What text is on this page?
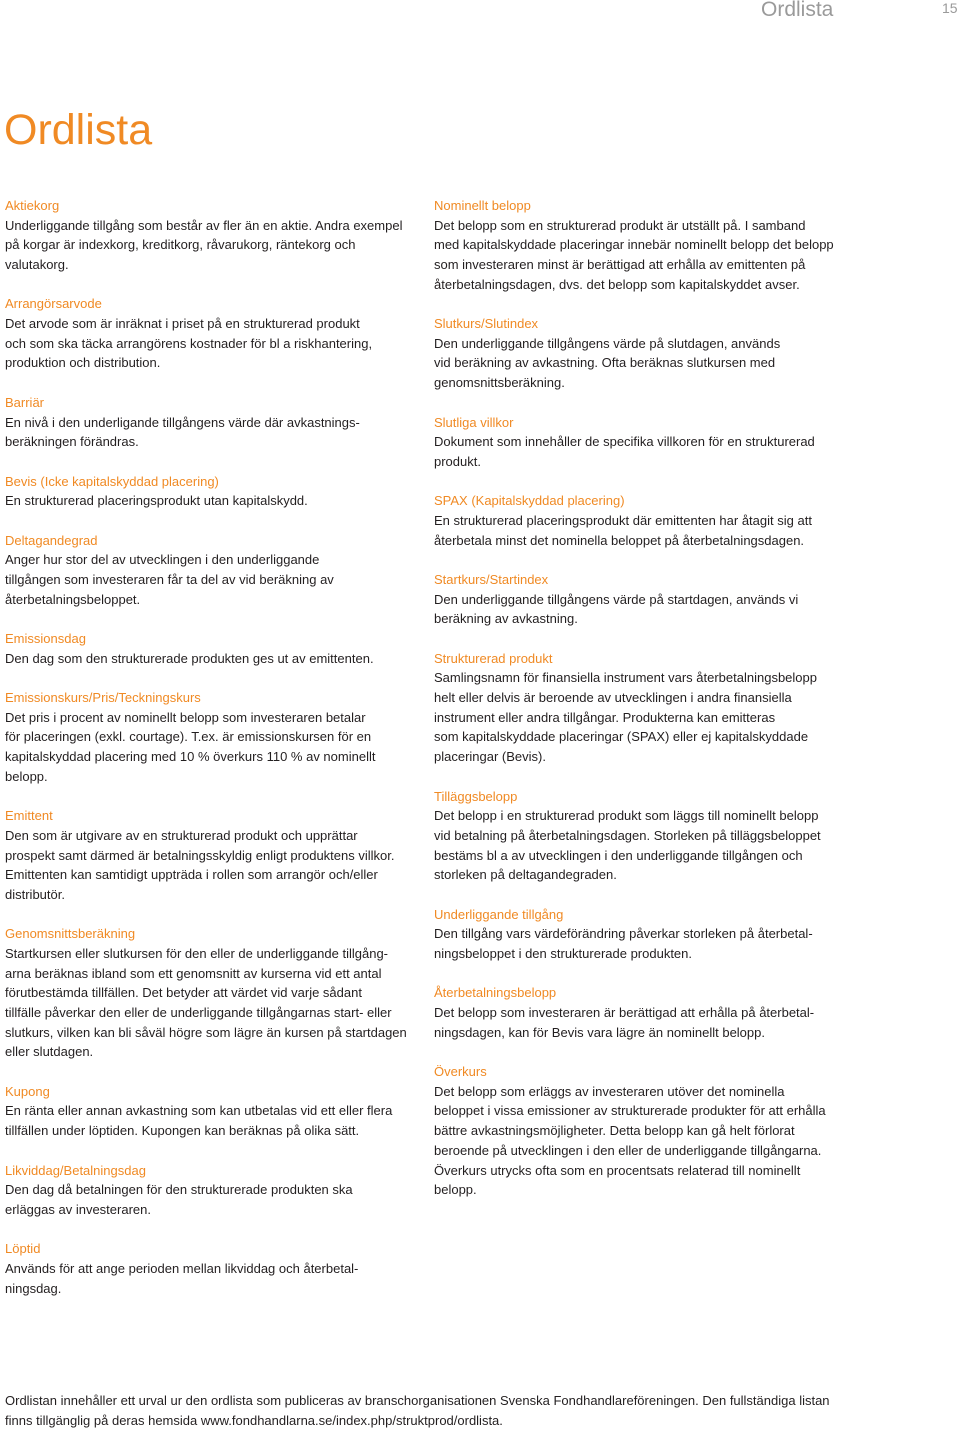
Ordlista	15
Ordlista
Aktiekorg
Underliggande tillgång som består av fler än en aktie. Andra exempel
på korgar är indexkorg, kreditkorg, råvarukorg, räntekorg och
valutakorg.
Arrangörsarvode
Det arvode som är inräknat i priset på en strukturerad produkt
och som ska täcka arrangörens kostnader för bl a riskhantering,
produktion och distribution.
Barriär
En nivå i den underligande tillgångens värde där avkastnings-
beräkningen förändras.
Bevis (Icke kapitalskyddad placering)
En strukturerad placeringsprodukt utan kapitalskydd.
Deltagandegrad
Anger hur stor del av utvecklingen i den underliggande
tillgången som investeraren får ta del av vid beräkning av
återbetalningsbeloppet.
Emissionsdag
Den dag som den strukturerade produkten ges ut av emittenten.
Emissionskurs/Pris/Teckningskurs
Det pris i procent av nominellt belopp som investeraren betalar
för placeringen (exkl. courtage). T.ex. är emissionskursen för en
kapitalskyddad placering med 10 % överkurs 110 % av nominellt
belopp.
Emittent
Den som är utgivare av en strukturerad produkt och upprättar
prospekt samt därmed är betalningsskyldig enligt produktens villkor.
Emittenten kan samtidigt uppträda i rollen som arrangör och/eller
distributör.
Genomsnittsberäkning
Startkursen eller slutkursen för den eller de underliggande tillgång-
arna beräknas ibland som ett genomsnitt av kurserna vid ett antal
förutbestämda tillfällen. Det betyder att värdet vid varje sådant
tillfälle påverkar den eller de underliggande tillgångarnas start- eller
slutkurs, vilken kan bli såväl högre som lägre än kursen på startdagen
eller slutdagen.
Kupong
En ränta eller annan avkastning som kan utbetalas vid ett eller flera
tillfällen under löptiden. Kupongen kan beräknas på olika sätt.
Likviddag/Betalningsdag
Den dag då betalningen för den strukturerade produkten ska
erläggas av investeraren.
Löptid
Används för att ange perioden mellan likviddag och återbetal-
ningsdag.
Nominellt belopp
Det belopp som en strukturerad produkt är utställt på. I samband
med kapitalskyddade placeringar innebär nominellt belopp det belopp
som investeraren minst är berättigad att erhålla av emittenten på
återbetalningsdagen, dvs. det belopp som kapitalskyddet avser.
Slutkurs/Slutindex
Den underliggande tillgångens värde på slutdagen, används
vid beräkning av avkastning. Ofta beräknas slutkursen med
genomsnittsberäkning.
Slutliga villkor
Dokument som innehåller de specifika villkoren för en strukturerad
produkt.
SPAX (Kapitalskyddad placering)
En strukturerad placeringsprodukt där emittenten har åtagit sig att
återbetala minst det nominella beloppet på återbetalningsdagen.
Startkurs/Startindex
Den underliggande tillgångens värde på startdagen, används vi
beräkning av avkastning.
Strukturerad produkt
Samlingsnamn för finansiella instrument vars återbetalningsbelopp
helt eller delvis är beroende av utvecklingen i andra finansiella
instrument eller andra tillgångar. Produkterna kan emitteras
som kapitalskyddade placeringar (SPAX) eller ej kapitalskyddade
placeringar (Bevis).
Tilläggsbelopp
Det belopp i en strukturerad produkt som läggs till nominellt belopp
vid betalning på återbetalningsdagen. Storleken på tilläggsbeloppet
bestäms bl a av utvecklingen i den underliggande tillgången och
storleken på deltagandegraden.
Underliggande tillgång
Den tillgång vars värdeförändring påverkar storleken på återbetal-
ningsbeloppet i den strukturerade produkten.
Återbetalningsbelopp
Det belopp som investeraren är berättigad att erhålla på återbetal-
ningsdagen, kan för Bevis vara lägre än nominellt belopp.
Överkurs
Det belopp som erläggs av investeraren utöver det nominella
beloppet i vissa emissioner av strukturerade produkter för att erhålla
bättre avkastningsmöjligheter. Detta belopp kan gå helt förlorat
beroende på utvecklingen i den eller de underliggande tillgångarna.
Överkurs utrycks ofta som en procentsats relaterad till nominellt
belopp.
Ordlistan innehåller ett urval ur den ordlista som publiceras av branschorganisationen Svenska Fondhandlareföreningen. Den fullständiga listan
finns tillgänglig på deras hemsida www.fondhandlarna.se/index.php/struktprod/ordlista.
